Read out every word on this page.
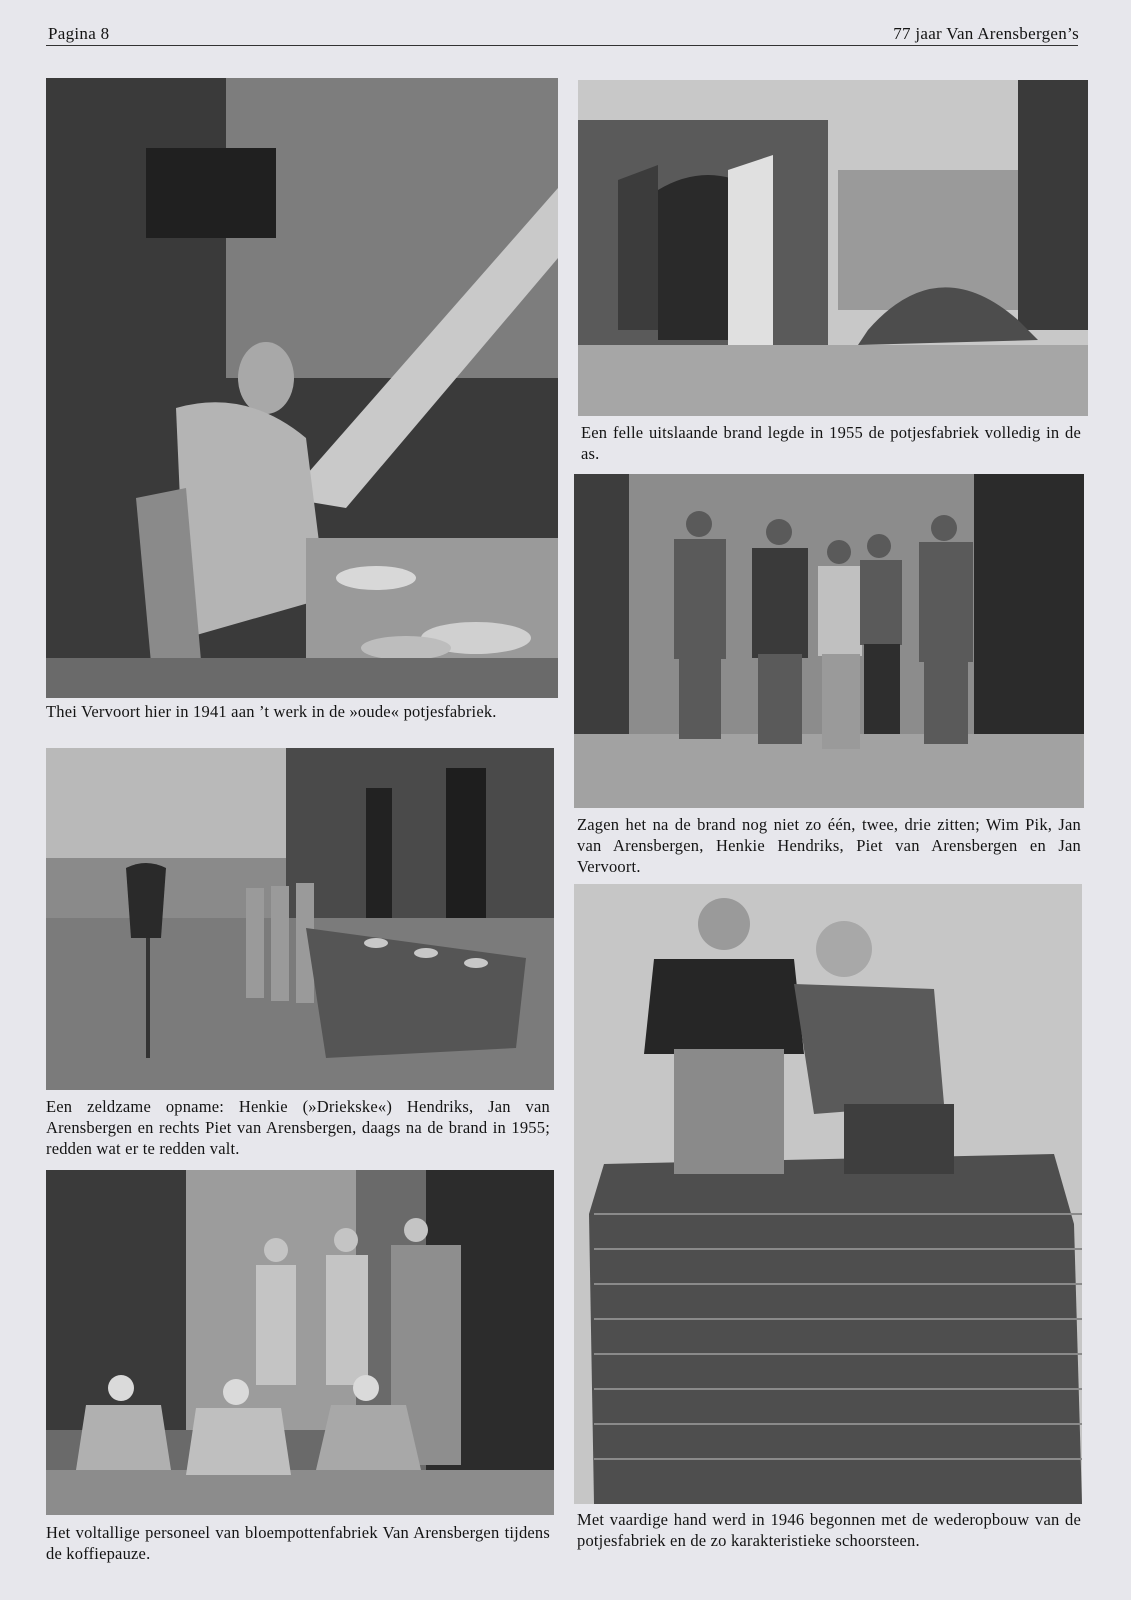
Pagina 8	77 jaar Van Arensbergen’s
Thei Vervoort hier in 1941 aan ’t werk in de »oude« potjesfabriek.
Een felle uitslaande brand legde in 1955 de potjesfabriek volledig in de as.
Zagen het na de brand nog niet zo één, twee, drie zitten; Wim Pik, Jan van Arensbergen, Henkie Hendriks, Piet van Arensbergen en Jan Vervoort.
Een zeldzame opname: Henkie (»Driekske«) Hendriks, Jan van Arensbergen en rechts Piet van Arensbergen, daags na de brand in 1955; redden wat er te redden valt.
Het voltallige personeel van bloempottenfabriek Van Arensbergen tijdens de koffiepauze.
Met vaardige hand werd in 1946 begonnen met de wederopbouw van de potjesfabriek en de zo karakteristieke schoorsteen.
